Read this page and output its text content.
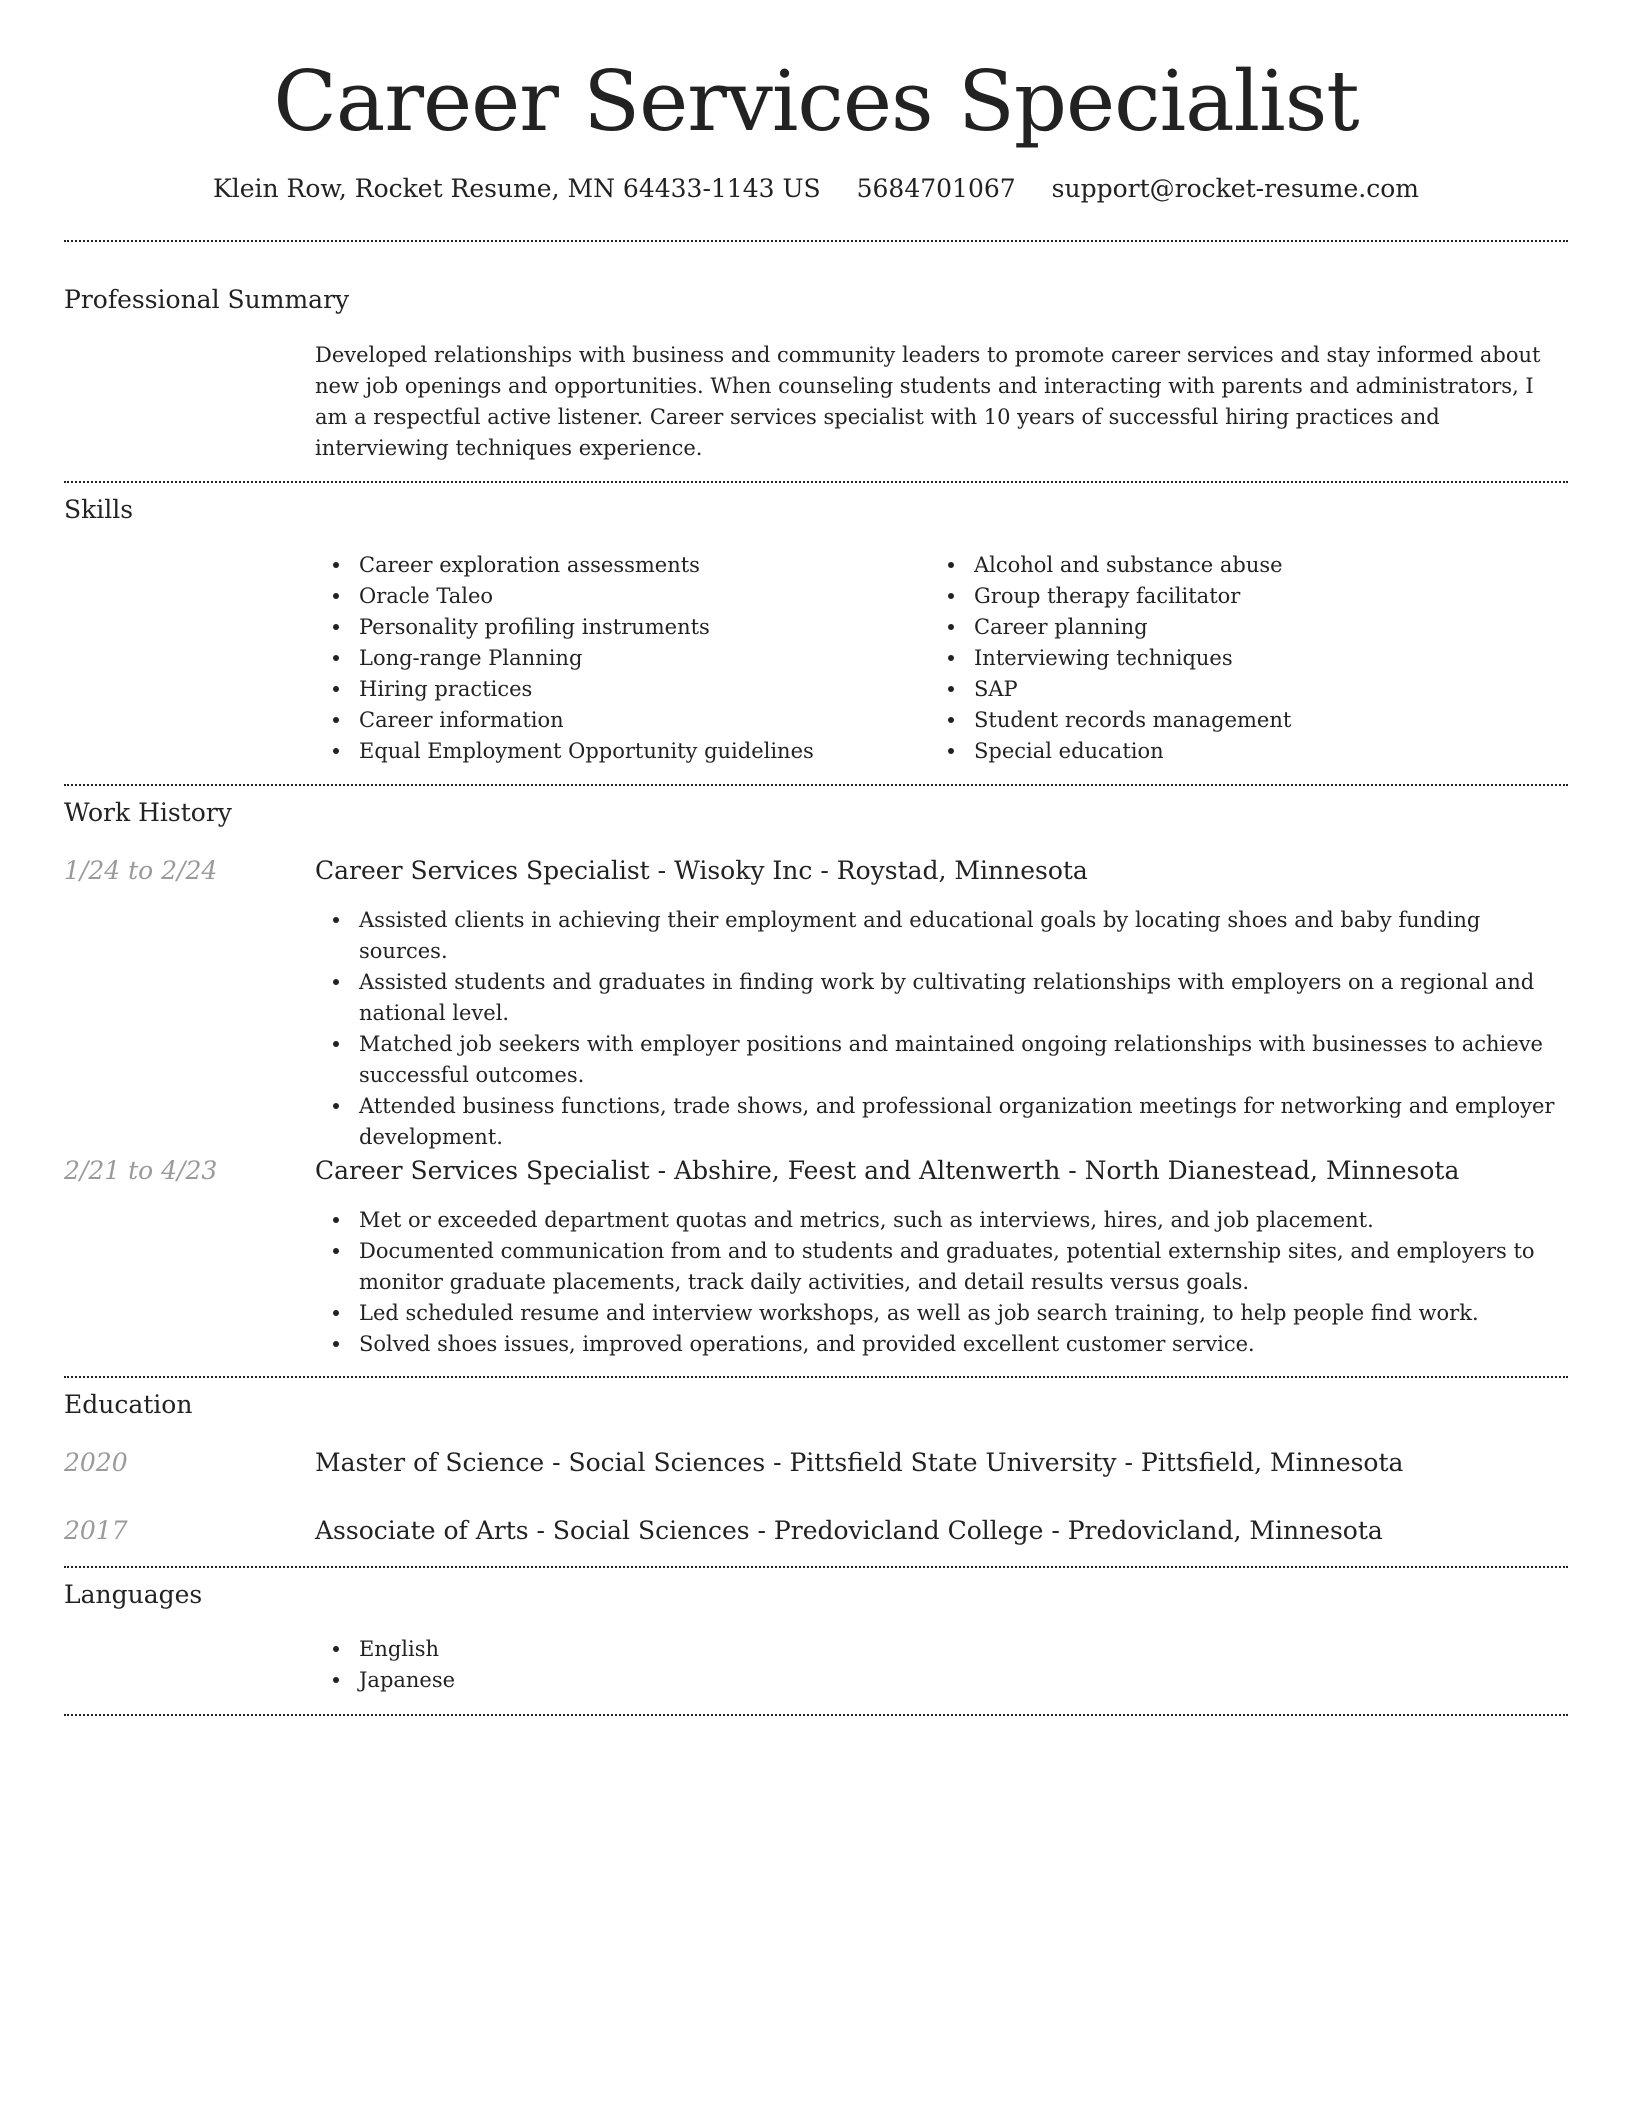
Career Services Specialist
Klein Row, Rocket Resume, MN 64433-1143 US 5684701067 support@rocket-resume.com
Professional Summary

Developed relationships with business and community leaders to promote career services and stay informed about new job openings and opportunities. When counseling students and interacting with parents and administrators, I am a respectful active listener. Career services specialist with 10 years of successful hiring practices and interviewing techniques experience.

Skills
Career exploration assessments
Oracle Taleo
Personality profiling instruments
Long-range Planning
Hiring practices
Career information
Equal Employment Opportunity guidelines
Alcohol and substance abuse
Group therapy facilitator
Career planning
Interviewing techniques
SAP
Student records management
Special education
Work History
1/24 to 2/24	Career Services Specialist - Wisoky Inc - Roystad, Minnesota
Assisted clients in achieving their employment and educational goals by locating shoes and baby funding sources.
Assisted students and graduates in finding work by cultivating relationships with employers on a regional and national level.
Matched job seekers with employer positions and maintained ongoing relationships with businesses to achieve successful outcomes.
Attended business functions, trade shows, and professional organization meetings for networking and employer development.
2/21 to 4/23	Career Services Specialist - Abshire, Feest and Altenwerth - North Dianestead, Minnesota
Met or exceeded department quotas and metrics, such as interviews, hires, and job placement.
Documented communication from and to students and graduates, potential externship sites, and employers to monitor graduate placements, track daily activities, and detail results versus goals.
Led scheduled resume and interview workshops, as well as job search training, to help people find work.
Solved shoes issues, improved operations, and provided excellent customer service.
Education
2020	Master of Science - Social Sciences - Pittsfield State University - Pittsfield, Minnesota
2017	Associate of Arts - Social Sciences - Predovicland College - Predovicland, Minnesota
Languages
English
Japanese
